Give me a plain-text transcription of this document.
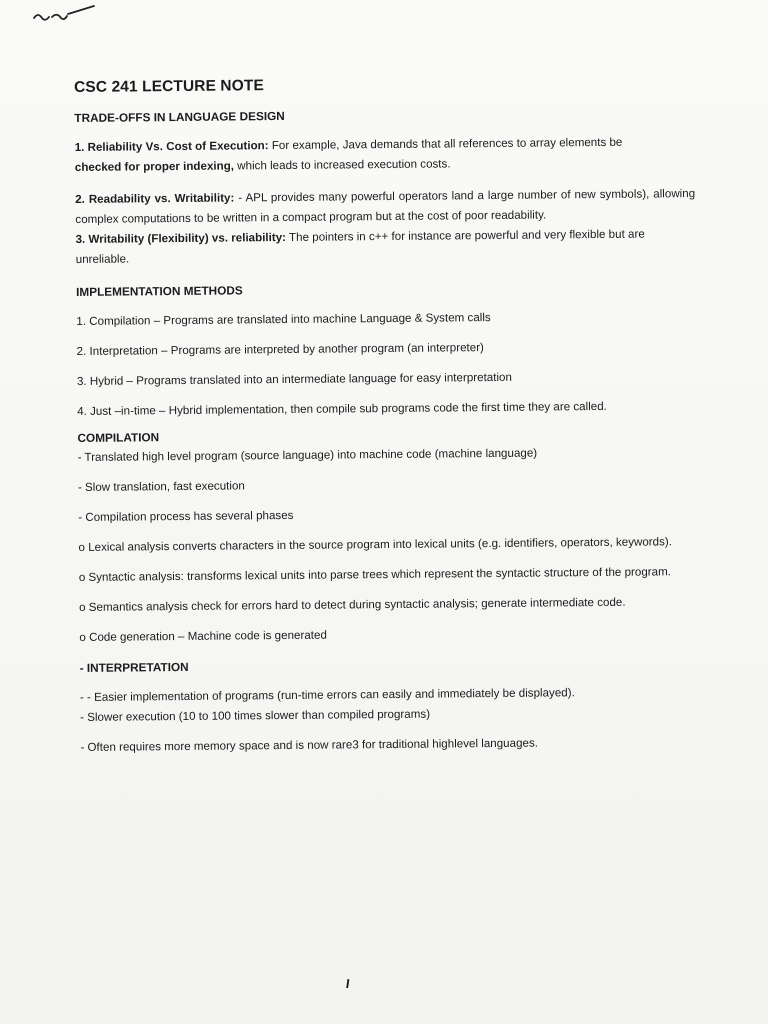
CSC 241 LECTURE NOTE
TRADE-OFFS IN LANGUAGE DESIGN

1. Reliability Vs. Cost of Execution: For example, Java demands that all references to array elements be
checked for proper indexing, which leads to increased execution costs.

2. Readability vs. Writability: - APL provides many powerful operators land a large number of new symbols), allowing complex computations to be written in a compact program but at the cost of poor readability.

3. Writability (Flexibility) vs. reliability: The pointers in c++ for instance are powerful and very flexible but are unreliable.

IMPLEMENTATION METHODS

1. Compilation – Programs are translated into machine Language & System calls

2. Interpretation – Programs are interpreted by another program (an interpreter)

3. Hybrid – Programs translated into an intermediate language for easy interpretation

4. Just –in-time – Hybrid implementation, then compile sub programs code the first time they are called.

COMPILATION

- Translated high level program (source language) into machine code (machine language)

- Slow translation, fast execution

- Compilation process has several phases

o Lexical analysis converts characters in the source program into lexical units (e.g. identifiers, operators, keywords).

o Syntactic analysis: transforms lexical units into parse trees which represent the syntactic structure of the program.

o Semantics analysis check for errors hard to detect during syntactic analysis; generate intermediate code.

o Code generation – Machine code is generated

- INTERPRETATION

- - Easier implementation of programs (run-time errors can easily and immediately be displayed).

- Slower execution (10 to 100 times slower than compiled programs)

- Often requires more memory space and is now rare3 for traditional highlevel languages.

I
